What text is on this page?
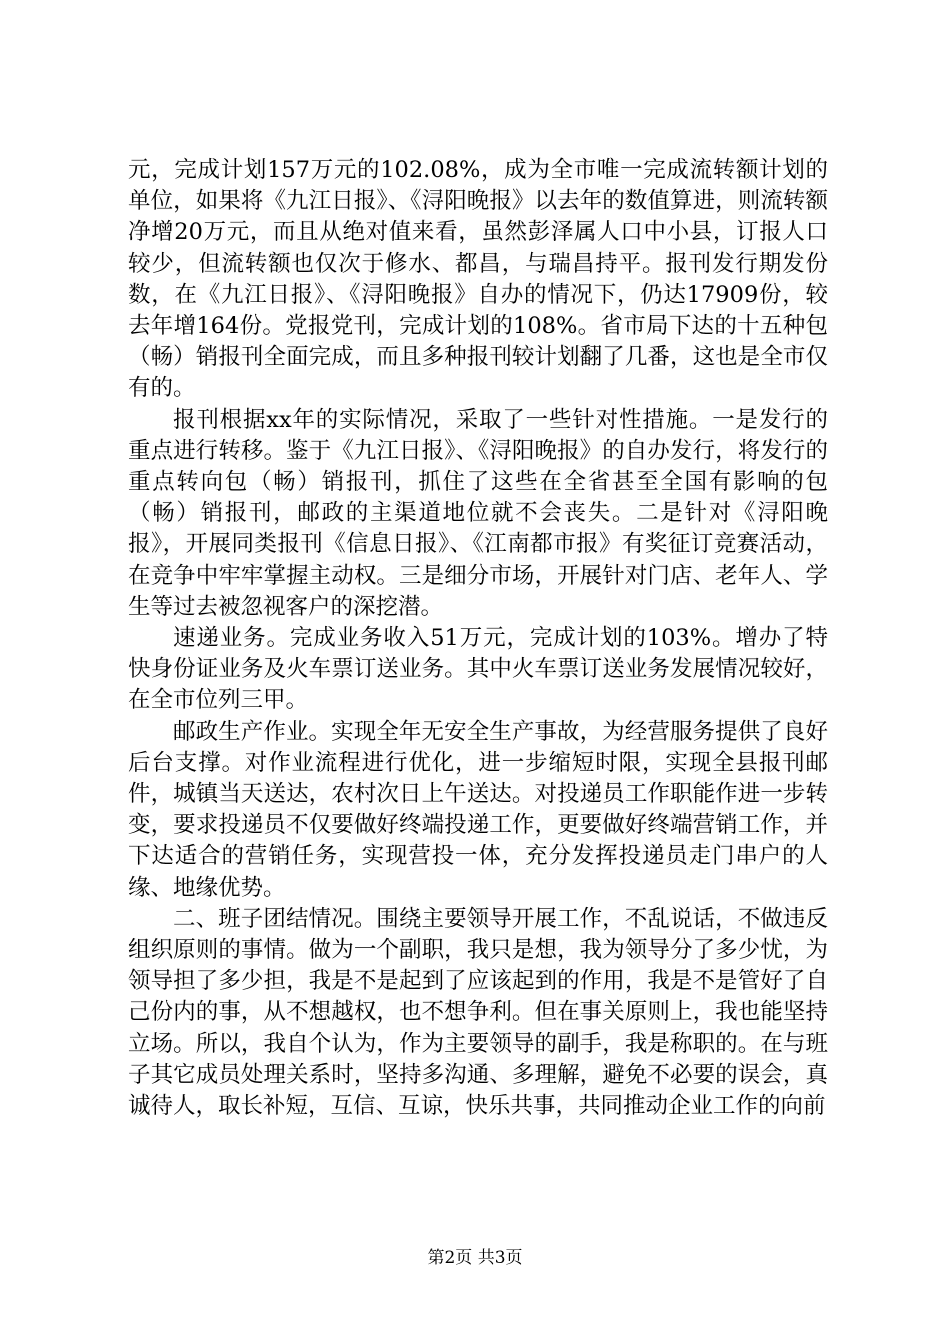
元，完成计划157万元的102.08%，成为全市唯一完成流转额计划的单位，如果将《九江日报》、《浔阳晚报》以去年的数值算进，则流转额净增20万元，而且从绝对值来看，虽然彭泽属人口中小县，订报人口较少，但流转额也仅次于修水、都昌，与瑞昌持平。报刊发行期发份数，在《九江日报》、《浔阳晚报》自办的情况下，仍达17909份，较去年增164份。党报党刊，完成计划的108%。省市局下达的十五种包（畅）销报刊全面完成，而且多种报刊较计划翻了几番，这也是全市仅有的。

报刊根据xx年的实际情况，采取了一些针对性措施。一是发行的重点进行转移。鉴于《九江日报》、《浔阳晚报》的自办发行，将发行的重点转向包（畅）销报刊，抓住了这些在全省甚至全国有影响的包（畅）销报刊，邮政的主渠道地位就不会丧失。二是针对《浔阳晚报》，开展同类报刊《信息日报》、《江南都市报》有奖征订竞赛活动，在竞争中牢牢掌握主动权。三是细分市场，开展针对门店、老年人、学生等过去被忽视客户的深挖潜。

速递业务。完成业务收入51万元，完成计划的103%。增办了特快身份证业务及火车票订送业务。其中火车票订送业务发展情况较好，在全市位列三甲。

邮政生产作业。实现全年无安全生产事故，为经营服务提供了良好后台支撑。对作业流程进行优化，进一步缩短时限，实现全县报刊邮件，城镇当天送达，农村次日上午送达。对投递员工作职能作进一步转变，要求投递员不仅要做好终端投递工作，更要做好终端营销工作，并下达适合的营销任务，实现营投一体，充分发挥投递员走门串户的人缘、地缘优势。

二、班子团结情况。围绕主要领导开展工作，不乱说话，不做违反组织原则的事情。做为一个副职，我只是想，我为领导分了多少忧，为领导担了多少担，我是不是起到了应该起到的作用，我是不是管好了自己份内的事，从不想越权，也不想争利。但在事关原则上，我也能坚持立场。所以，我自个认为，作为主要领导的副手，我是称职的。在与班子其它成员处理关系时，坚持多沟通、多理解，避免不必要的误会，真诚待人，取长补短，互信、互谅，快乐共事，共同推动企业工作的向前

第2页 共3页
